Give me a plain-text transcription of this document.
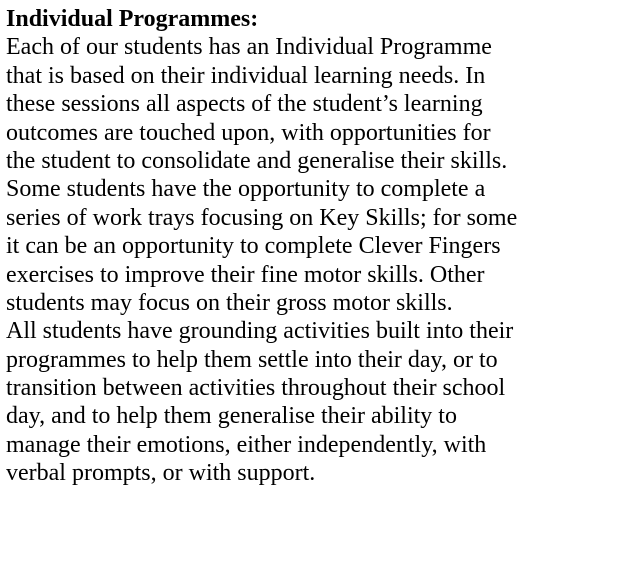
Individual Programmes:
Each of our students has an Individual Programme
that is based on their individual learning needs. In
these sessions all aspects of the student’s learning
outcomes are touched upon, with opportunities for
the student to consolidate and generalise their skills.
Some students have the opportunity to complete a
series of work trays focusing on Key Skills; for some
it can be an opportunity to complete Clever Fingers
exercises to improve their fine motor skills. Other
students may focus on their gross motor skills.
All students have grounding activities built into their
programmes to help them settle into their day, or to
transition between activities throughout their school
day, and to help them generalise their ability to
manage their emotions, either independently, with
verbal prompts, or with support.
